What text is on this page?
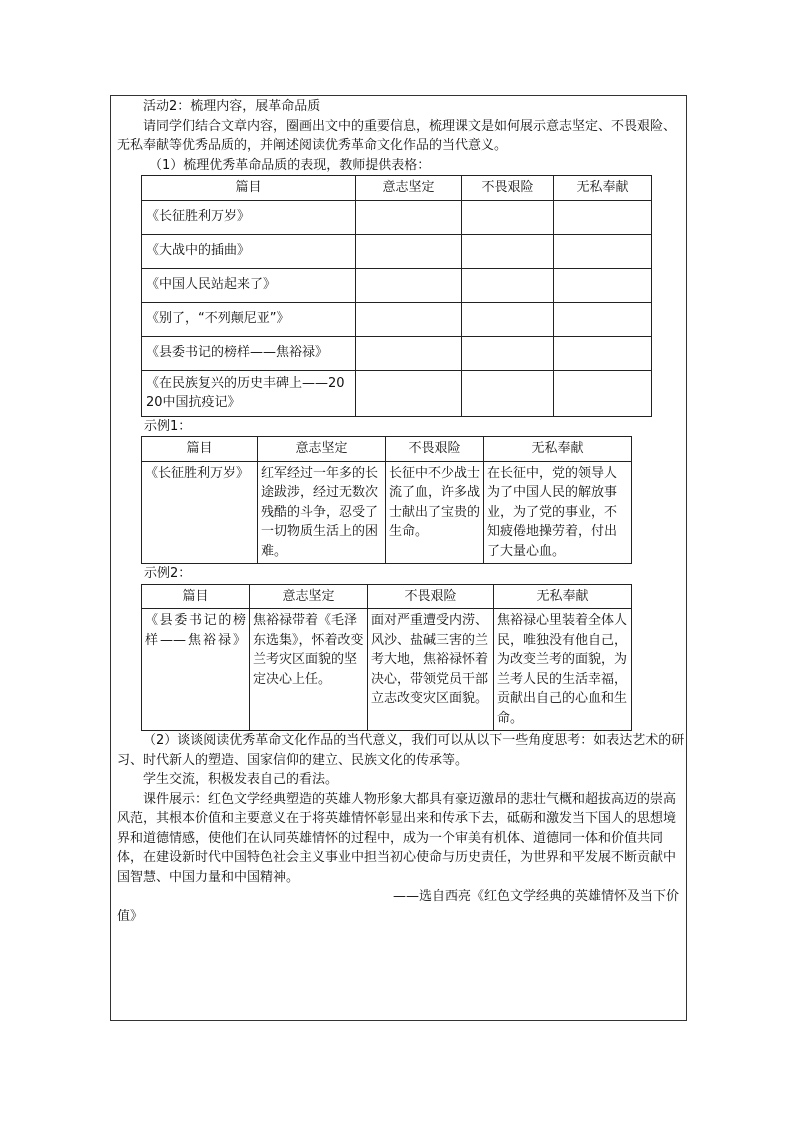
活动2：梳理内容，展革命品质

请同学们结合文章内容，圈画出文中的重要信息，梳理课文是如何展示意志坚定、不畏艰险、无私奉献等优秀品质的，并阐述阅读优秀革命文化作品的当代意义。

（1）梳理优秀革命品质的表现，教师提供表格：

篇目	意志坚定	不畏艰险	无私奉献
《长征胜利万岁》			
《大战中的插曲》			
《中国人民站起来了》			
《别了，“不列颠尼亚”》			
《县委书记的榜样——焦裕禄》			
《在民族复兴的历史丰碑上——2020中国抗疫记》			

示例1：

篇目	意志坚定	不畏艰险	无私奉献
《长征胜利万岁》	红军经过一年多的长途跋涉，经过无数次残酷的斗争，忍受了一切物质生活上的困难。	长征中不少战士流了血，许多战士献出了宝贵的生命。	在长征中，党的领导人为了中国人民的解放事业，为了党的事业，不知疲倦地操劳着，付出了大量心血。

示例2：

篇目	意志坚定	不畏艰险	无私奉献
《县委书记的榜样——焦裕禄》	焦裕禄带着《毛泽东选集》，怀着改变兰考灾区面貌的坚定决心上任。	面对严重遭受内涝、风沙、盐碱三害的兰考大地，焦裕禄怀着决心，带领党员干部立志改变灾区面貌。	焦裕禄心里装着全体人民，唯独没有他自己，为改变兰考的面貌，为兰考人民的生活幸福，贡献出自己的心血和生命。

（2）谈谈阅读优秀革命文化作品的当代意义，我们可以从以下一些角度思考：如表达艺术的研习、时代新人的塑造、国家信仰的建立、民族文化的传承等。

学生交流，积极发表自己的看法。

课件展示：红色文学经典塑造的英雄人物形象大都具有豪迈激昂的悲壮气概和超拔高迈的崇高风范，其根本价值和主要意义在于将英雄情怀彰显出来和传承下去，砥砺和激发当下国人的思想境界和道德情感，使他们在认同英雄情怀的过程中，成为一个审美有机体、道德同一体和价值共同体，在建设新时代中国特色社会主义事业中担当初心使命与历史责任，为世界和平发展不断贡献中国智慧、中国力量和中国精神。

——选自西亮《红色文学经典的英雄情怀及当下价

值》
